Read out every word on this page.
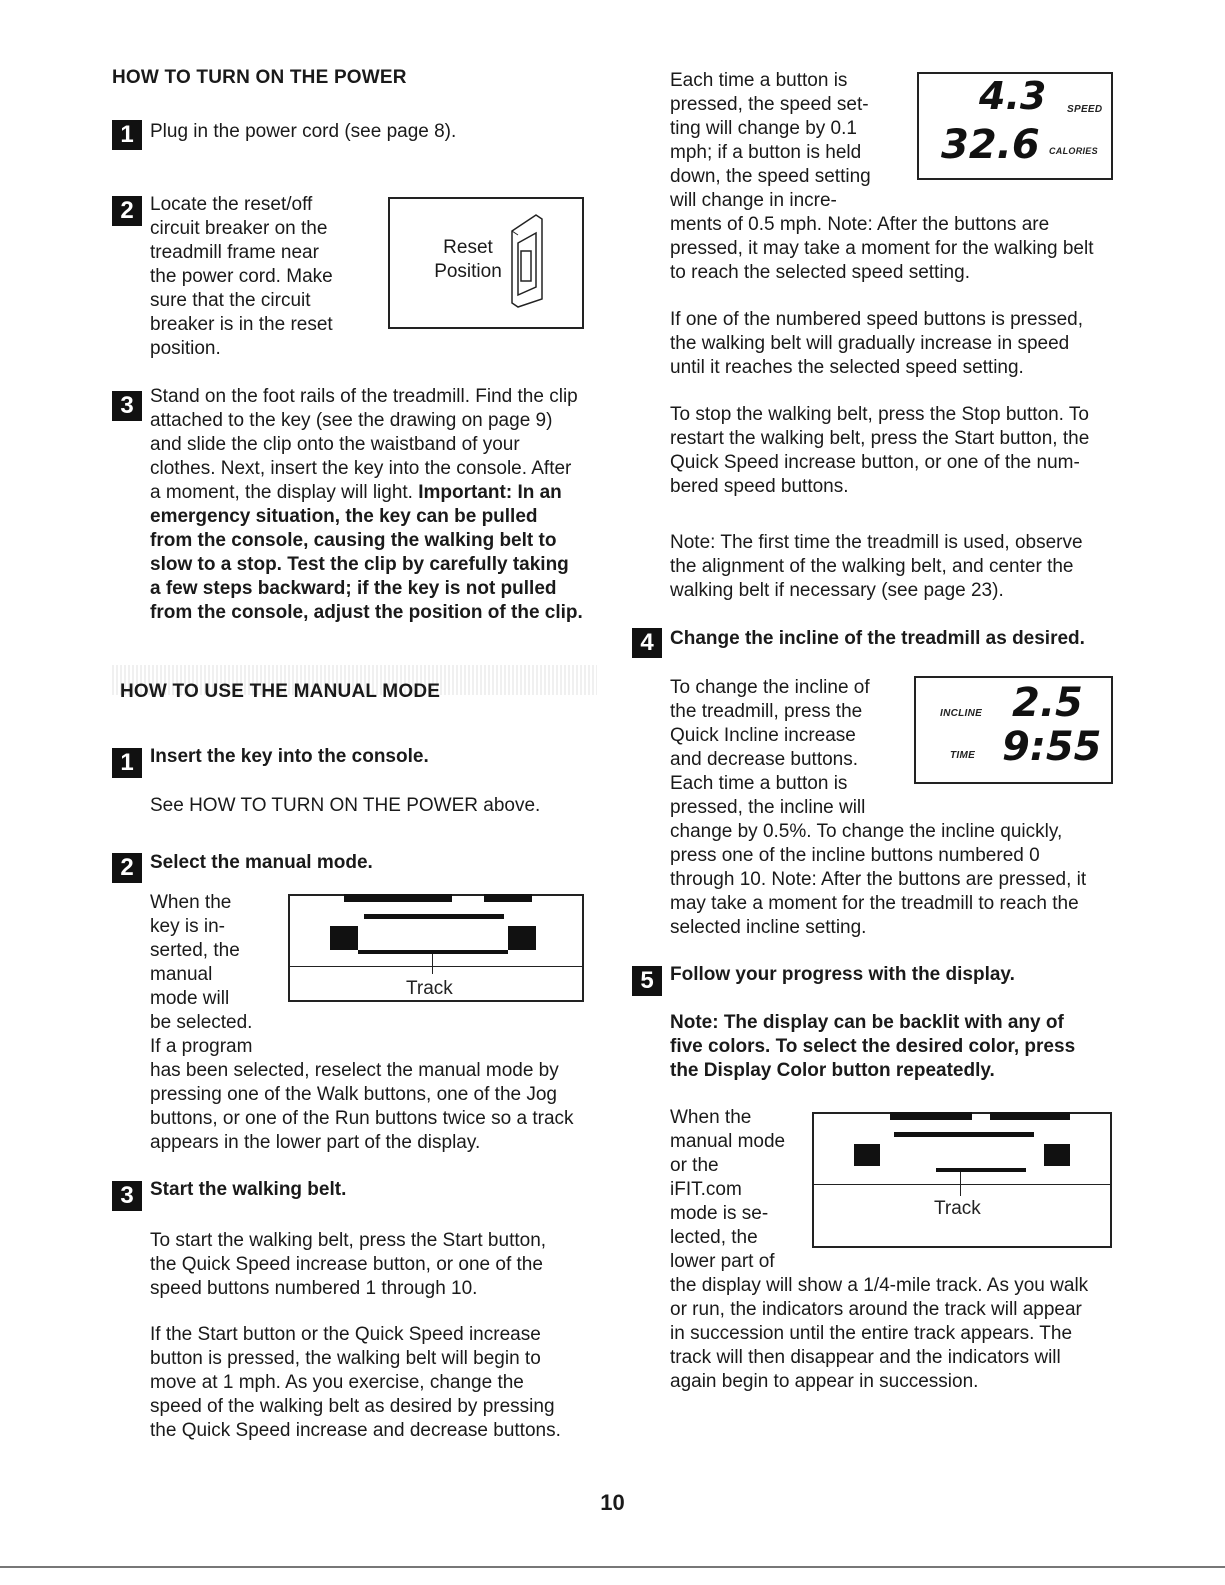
HOW TO TURN ON THE POWER
1 Plug in the power cord (see page 8).

2 Locate the reset/off

circuit breaker on the

treadmill frame near

the power cord. Make

sure that the circuit

breaker is in the reset

position.

Reset

Position

3 Stand on the foot rails of the treadmill. Find the clip

attached to the key (see the drawing on page 9)

and slide the clip onto the waistband of your

clothes. Next, insert the key into the console. After

a moment, the display will light. Important: In an

emergency situation, the key can be pulled

from the console, causing the walking belt to

slow to a stop. Test the clip by carefully taking

a few steps backward; if the key is not pulled

from the console, adjust the position of the clip.

HOW TO USE THE MANUAL MODE
1 Insert the key into the console.

See HOW TO TURN ON THE POWER above.

2 Select the manual mode.

When the

key is in-

serted, the

manual

mode will

be selected.

If a program

has been selected, reselect the manual mode by

pressing one of the Walk buttons, one of the Jog

buttons, or one of the Run buttons twice so a track

appears in the lower part of the display.

Track
3 Start the walking belt.

To start the walking belt, press the Start button,

the Quick Speed increase button, or one of the

speed buttons numbered 1 through 10.

If the Start button or the Quick Speed increase

button is pressed, the walking belt will begin to

move at 1 mph. As you exercise, change the

speed of the walking belt as desired by pressing

the Quick Speed increase and decrease buttons.

Each time a button is

pressed, the speed set-

ting will change by 0.1

mph; if a button is held

down, the speed setting

will change in incre-

ments of 0.5 mph. Note: After the buttons are

pressed, it may take a moment for the walking belt

to reach the selected speed setting.

4.3 SPEED
32.6 CALORIES

If one of the numbered speed buttons is pressed,

the walking belt will gradually increase in speed

until it reaches the selected speed setting.

To stop the walking belt, press the Stop button. To

restart the walking belt, press the Start button, the

Quick Speed increase button, or one of the num-

bered speed buttons.

Note: The first time the treadmill is used, observe

the alignment of the walking belt, and center the

walking belt if necessary (see page 23).

4 Change the incline of the treadmill as desired.

To change the incline of

the treadmill, press the

Quick Incline increase

and decrease buttons.

Each time a button is

pressed, the incline will

change by 0.5%. To change the incline quickly,

press one of the incline buttons numbered 0

through 10. Note: After the buttons are pressed, it

may take a moment for the treadmill to reach the

selected incline setting.

INCLINE 2.5
TIME 9:55
5 Follow your progress with the display.

Note: The display can be backlit with any of

five colors. To select the desired color, press

the Display Color button repeatedly.

When the

manual mode

or the

iFIT.com

mode is se-

lected, the

lower part of

the display will show a 1/4-mile track. As you walk

or run, the indicators around the track will appear

in succession until the entire track appears. The

track will then disappear and the indicators will

again begin to appear in succession.

Track
10
